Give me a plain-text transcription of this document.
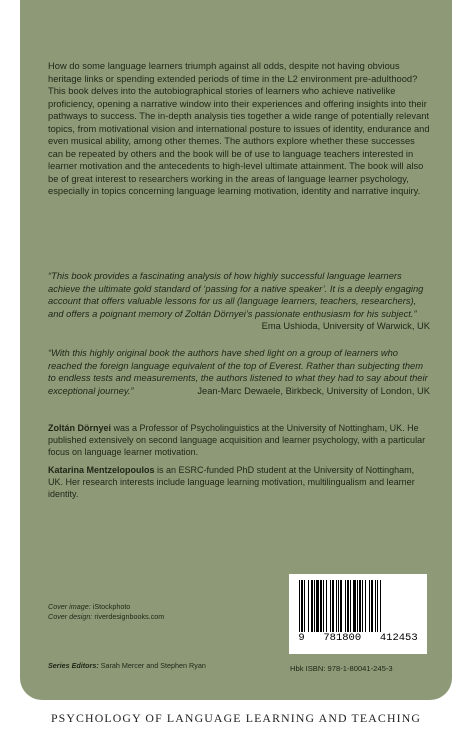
How do some language learners triumph against all odds, despite not having obvious heritage links or spending extended periods of time in the L2 environment pre-adulthood? This book delves into the autobiographical stories of learners who achieve nativelike proficiency, opening a narrative window into their experiences and offering insights into their pathways to success. The in-depth analysis ties together a wide range of potentially relevant topics, from motivational vision and international posture to issues of identity, endurance and even musical ability, among other themes. The authors explore whether these successes can be repeated by others and the book will be of use to language teachers interested in learner motivation and the antecedents to high-level ultimate attainment. The book will also be of great interest to researchers working in the areas of language learner psychology, especially in topics concerning language learning motivation, identity and narrative inquiry.

“This book provides a fascinating analysis of how highly successful language learners achieve the ultimate gold standard of ‘passing for a native speaker’. It is a deeply engaging account that offers valuable lessons for us all (language learners, teachers, researchers), and offers a poignant memory of Zoltán Dörnyei’s passionate enthusiasm for his subject.”

Ema Ushioda, University of Warwick, UK

“With this highly original book the authors have shed light on a group of learners who reached the foreign language equivalent of the top of Everest. Rather than subjecting them to endless tests and measurements, the authors listened to what they had to say about their exceptional journey.”	Jean-Marc Dewaele, Birkbeck, University of London, UK

Zoltán Dörnyei was a Professor of Psycholinguistics at the University of Nottingham, UK. He published extensively on second language acquisition and learner psychology, with a particular focus on language learner motivation.

Katarina Mentzelopoulos is an ESRC-funded PhD student at the University of Nottingham, UK. Her research interests include language learning motivation, multilingualism and learner identity.

Cover image: iStockphoto
Cover design: riverdesignbooks.com
Series Editors: Sarah Mercer and Stephen Ryan
9 781800 412453
Hbk ISBN: 978-1-80041-245-3
PSYCHOLOGY OF LANGUAGE LEARNING AND TEACHING
